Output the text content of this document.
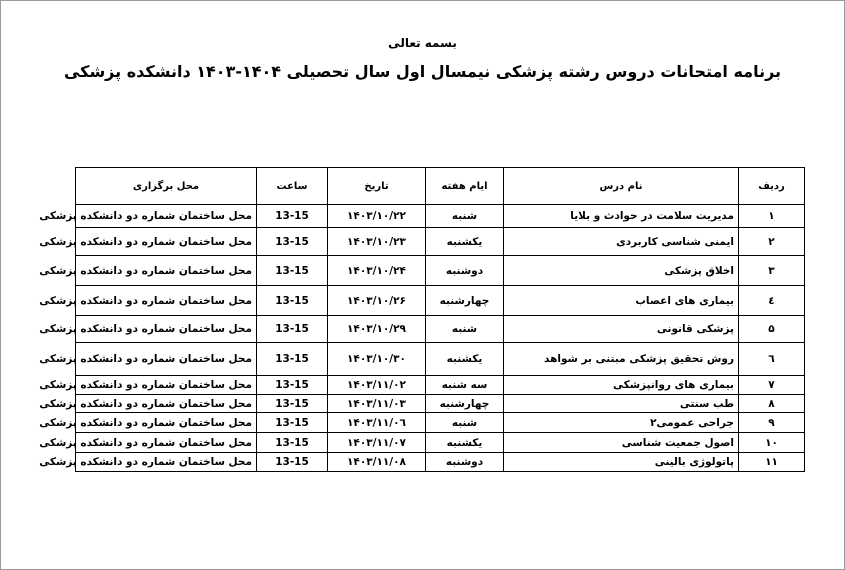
بسمه تعالی
برنامه امتحانات دروس رشته پزشکی نیمسال اول سال تحصیلی ۱۴۰۴-۱۴۰۳ دانشکده پزشکی
ردیف	نام درس	ایام هفته	تاریخ	ساعت	محل برگزاری
۱	مدیریت سلامت در حوادث و بلایا	شنبه	۱۴۰۳/۱۰/۲۲	13-15	محل ساختمان شماره دو دانشکده پزشکی
۲	ایمنی شناسی کاربردی	یکشنبه	۱۴۰۳/۱۰/۲۳	13-15	محل ساختمان شماره دو دانشکده پزشکی
۳	اخلاق پزشکی	دوشنبه	۱۴۰۳/۱۰/۲۴	13-15	محل ساختمان شماره دو دانشکده پزشکی
٤	بیماری های اعصاب	چهارشنبه	۱۴۰۳/۱۰/۲۶	13-15	محل ساختمان شماره دو دانشکده پزشکی
۵	پزشکی قانونی	شنبه	۱۴۰۳/۱۰/۲۹	13-15	محل ساختمان شماره دو دانشکده پزشکی
٦	روش تحقیق پزشکی مبتنی بر شواهد	یکشنبه	۱۴۰۳/۱۰/۳۰	13-15	محل ساختمان شماره دو دانشکده پزشکی
۷	بیماری های روانپزشکی	سه شنبه	۱۴۰۳/۱۱/۰۲	13-15	محل ساختمان شماره دو دانشکده پزشکی
۸	طب سنتی	چهارشنبه	۱۴۰۳/۱۱/۰۳	13-15	محل ساختمان شماره دو دانشکده پزشکی
۹	جراحی عمومی۲	شنبه	۱۴۰۳/۱۱/۰٦	13-15	محل ساختمان شماره دو دانشکده پزشکی
۱۰	اصول جمعیت شناسی	یکشنبه	۱۴۰۳/۱۱/۰۷	13-15	محل ساختمان شماره دو دانشکده پزشکی
۱۱	پاتولوژی بالینی	دوشنبه	۱۴۰۳/۱۱/۰۸	13-15	محل ساختمان شماره دو دانشکده پزشکی
